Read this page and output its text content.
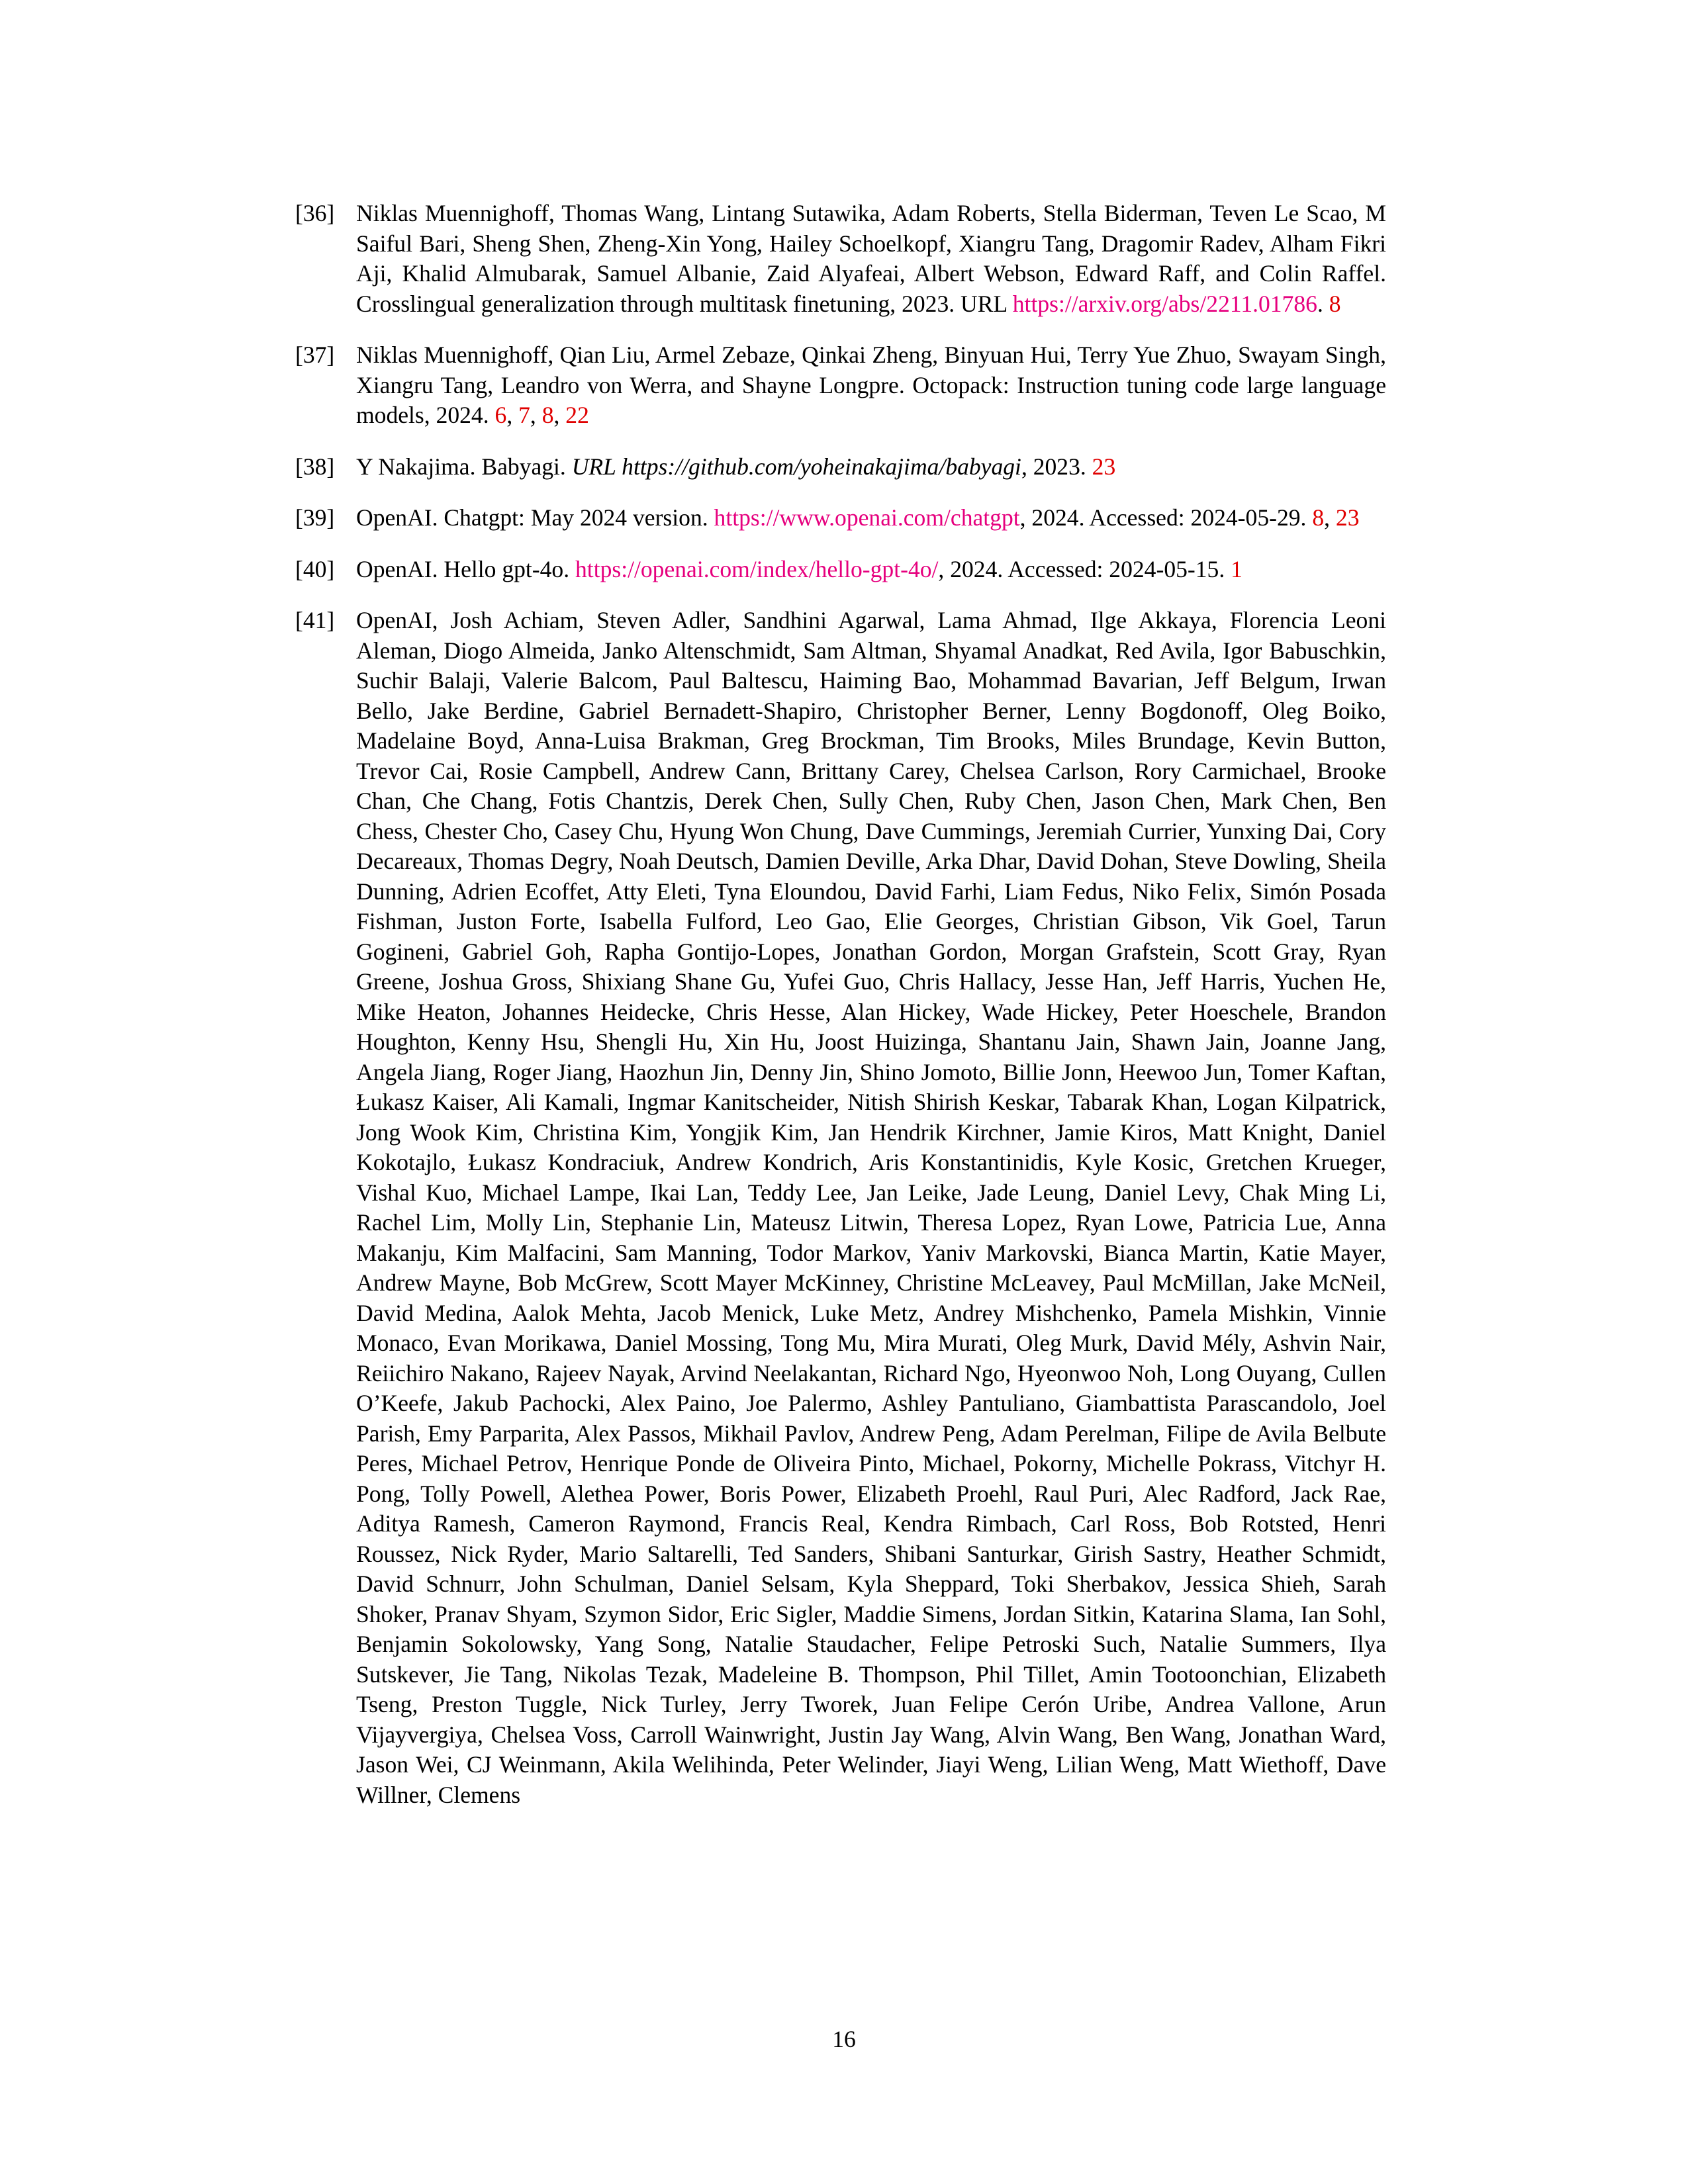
[36] Niklas Muennighoff, Thomas Wang, Lintang Sutawika, Adam Roberts, Stella Biderman, Teven Le Scao, M Saiful Bari, Sheng Shen, Zheng-Xin Yong, Hailey Schoelkopf, Xiangru Tang, Dragomir Radev, Alham Fikri Aji, Khalid Almubarak, Samuel Albanie, Zaid Alyafeai, Albert Webson, Edward Raff, and Colin Raffel. Crosslingual generalization through multitask finetuning, 2023. URL https://arxiv.org/abs/2211.01786. 8
[37] Niklas Muennighoff, Qian Liu, Armel Zebaze, Qinkai Zheng, Binyuan Hui, Terry Yue Zhuo, Swayam Singh, Xiangru Tang, Leandro von Werra, and Shayne Longpre. Octopack: Instruction tuning code large language models, 2024. 6, 7, 8, 22
[38] Y Nakajima. Babyagi. URL https://github.com/yoheinakajima/babyagi, 2023. 23
[39] OpenAI. Chatgpt: May 2024 version. https://www.openai.com/chatgpt, 2024. Accessed: 2024-05-29. 8, 23
[40] OpenAI. Hello gpt-4o. https://openai.com/index/hello-gpt-4o/, 2024. Accessed: 2024-05-15. 1
[41] OpenAI, Josh Achiam, Steven Adler, Sandhini Agarwal, Lama Ahmad, Ilge Akkaya, Florencia Leoni Aleman, Diogo Almeida, Janko Altenschmidt, Sam Altman, Shyamal Anadkat, Red Avila, Igor Babuschkin, Suchir Balaji, Valerie Balcom, Paul Baltescu, Haiming Bao, Mohammad Bavarian, Jeff Belgum, Irwan Bello, Jake Berdine, Gabriel Bernadett-Shapiro, Christopher Berner, Lenny Bogdonoff, Oleg Boiko, Madelaine Boyd, Anna-Luisa Brakman, Greg Brockman, Tim Brooks, Miles Brundage, Kevin Button, Trevor Cai, Rosie Campbell, Andrew Cann, Brittany Carey, Chelsea Carlson, Rory Carmichael, Brooke Chan, Che Chang, Fotis Chantzis, Derek Chen, Sully Chen, Ruby Chen, Jason Chen, Mark Chen, Ben Chess, Chester Cho, Casey Chu, Hyung Won Chung, Dave Cummings, Jeremiah Currier, Yunxing Dai, Cory Decareaux, Thomas Degry, Noah Deutsch, Damien Deville, Arka Dhar, David Dohan, Steve Dowling, Sheila Dunning, Adrien Ecoffet, Atty Eleti, Tyna Eloundou, David Farhi, Liam Fedus, Niko Felix, Simón Posada Fishman, Juston Forte, Isabella Fulford, Leo Gao, Elie Georges, Christian Gibson, Vik Goel, Tarun Gogineni, Gabriel Goh, Rapha Gontijo-Lopes, Jonathan Gordon, Morgan Grafstein, Scott Gray, Ryan Greene, Joshua Gross, Shixiang Shane Gu, Yufei Guo, Chris Hallacy, Jesse Han, Jeff Harris, Yuchen He, Mike Heaton, Johannes Heidecke, Chris Hesse, Alan Hickey, Wade Hickey, Peter Hoeschele, Brandon Houghton, Kenny Hsu, Shengli Hu, Xin Hu, Joost Huizinga, Shantanu Jain, Shawn Jain, Joanne Jang, Angela Jiang, Roger Jiang, Haozhun Jin, Denny Jin, Shino Jomoto, Billie Jonn, Heewoo Jun, Tomer Kaftan, Łukasz Kaiser, Ali Kamali, Ingmar Kanitscheider, Nitish Shirish Keskar, Tabarak Khan, Logan Kilpatrick, Jong Wook Kim, Christina Kim, Yongjik Kim, Jan Hendrik Kirchner, Jamie Kiros, Matt Knight, Daniel Kokotajlo, Łukasz Kondraciuk, Andrew Kondrich, Aris Konstantinidis, Kyle Kosic, Gretchen Krueger, Vishal Kuo, Michael Lampe, Ikai Lan, Teddy Lee, Jan Leike, Jade Leung, Daniel Levy, Chak Ming Li, Rachel Lim, Molly Lin, Stephanie Lin, Mateusz Litwin, Theresa Lopez, Ryan Lowe, Patricia Lue, Anna Makanju, Kim Malfacini, Sam Manning, Todor Markov, Yaniv Markovski, Bianca Martin, Katie Mayer, Andrew Mayne, Bob McGrew, Scott Mayer McKinney, Christine McLeavey, Paul McMillan, Jake McNeil, David Medina, Aalok Mehta, Jacob Menick, Luke Metz, Andrey Mishchenko, Pamela Mishkin, Vinnie Monaco, Evan Morikawa, Daniel Mossing, Tong Mu, Mira Murati, Oleg Murk, David Mély, Ashvin Nair, Reiichiro Nakano, Rajeev Nayak, Arvind Neelakantan, Richard Ngo, Hyeonwoo Noh, Long Ouyang, Cullen O’Keefe, Jakub Pachocki, Alex Paino, Joe Palermo, Ashley Pantuliano, Giambattista Parascandolo, Joel Parish, Emy Parparita, Alex Passos, Mikhail Pavlov, Andrew Peng, Adam Perelman, Filipe de Avila Belbute Peres, Michael Petrov, Henrique Ponde de Oliveira Pinto, Michael, Pokorny, Michelle Pokrass, Vitchyr H. Pong, Tolly Powell, Alethea Power, Boris Power, Elizabeth Proehl, Raul Puri, Alec Radford, Jack Rae, Aditya Ramesh, Cameron Raymond, Francis Real, Kendra Rimbach, Carl Ross, Bob Rotsted, Henri Roussez, Nick Ryder, Mario Saltarelli, Ted Sanders, Shibani Santurkar, Girish Sastry, Heather Schmidt, David Schnurr, John Schulman, Daniel Selsam, Kyla Sheppard, Toki Sherbakov, Jessica Shieh, Sarah Shoker, Pranav Shyam, Szymon Sidor, Eric Sigler, Maddie Simens, Jordan Sitkin, Katarina Slama, Ian Sohl, Benjamin Sokolowsky, Yang Song, Natalie Staudacher, Felipe Petroski Such, Natalie Summers, Ilya Sutskever, Jie Tang, Nikolas Tezak, Madeleine B. Thompson, Phil Tillet, Amin Tootoonchian, Elizabeth Tseng, Preston Tuggle, Nick Turley, Jerry Tworek, Juan Felipe Cerón Uribe, Andrea Vallone, Arun Vijayvergiya, Chelsea Voss, Carroll Wainwright, Justin Jay Wang, Alvin Wang, Ben Wang, Jonathan Ward, Jason Wei, CJ Weinmann, Akila Welihinda, Peter Welinder, Jiayi Weng, Lilian Weng, Matt Wiethoff, Dave Willner, Clemens
16
